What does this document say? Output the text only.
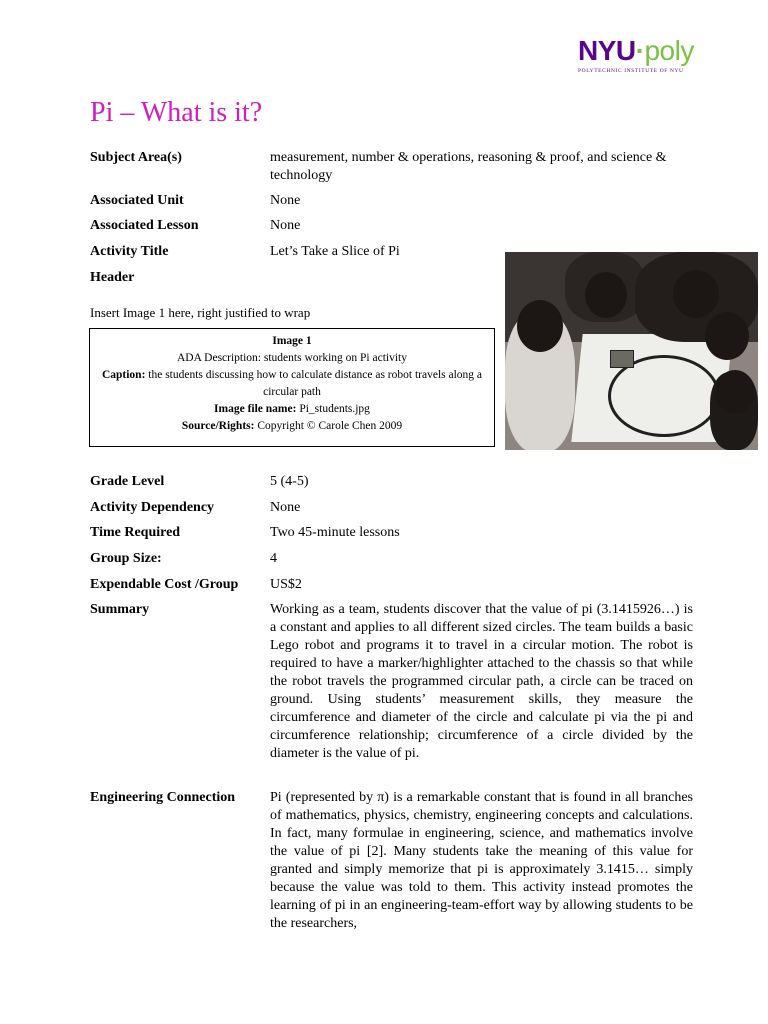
NYU·poly
POLYTECHNIC INSTITUTE OF NYU
Pi – What is it?
Subject Area(s)	measurement, number & operations, reasoning & proof, and science & technology
Associated Unit	None
Associated Lesson	None
Activity Title	Let’s Take a Slice of Pi
Header
Insert Image 1 here, right justified to wrap
Image 1
ADA Description: students working on Pi activity
Caption: the students discussing how to calculate distance as robot travels along a circular path
Image file name: Pi_students.jpg
Source/Rights: Copyright © Carole Chen 2009
Grade Level	5 (4-5)
Activity Dependency	None
Time Required	Two 45-minute lessons
Group Size:	4
Expendable Cost /Group	US$2
Summary	Working as a team, students discover that the value of pi (3.1415926…) is a constant and applies to all different sized circles. The team builds a basic Lego robot and programs it to travel in a circular motion. The robot is required to have a marker/highlighter attached to the chassis so that while the robot travels the programmed circular path, a circle can be traced on ground. Using students’ measurement skills, they measure the circumference and diameter of the circle and calculate pi via the pi and circumference relationship; circumference of a circle divided by the diameter is the value of pi.
Engineering Connection	Pi (represented by π) is a remarkable constant that is found in all branches of mathematics, physics, chemistry, engineering concepts and calculations. In fact, many formulae in engineering, science, and mathematics involve the value of pi [2]. Many students take the meaning of this value for granted and simply memorize that pi is approximately 3.1415… simply because the value was told to them. This activity instead promotes the learning of pi in an engineering-team-effort way by allowing students to be the researchers,
